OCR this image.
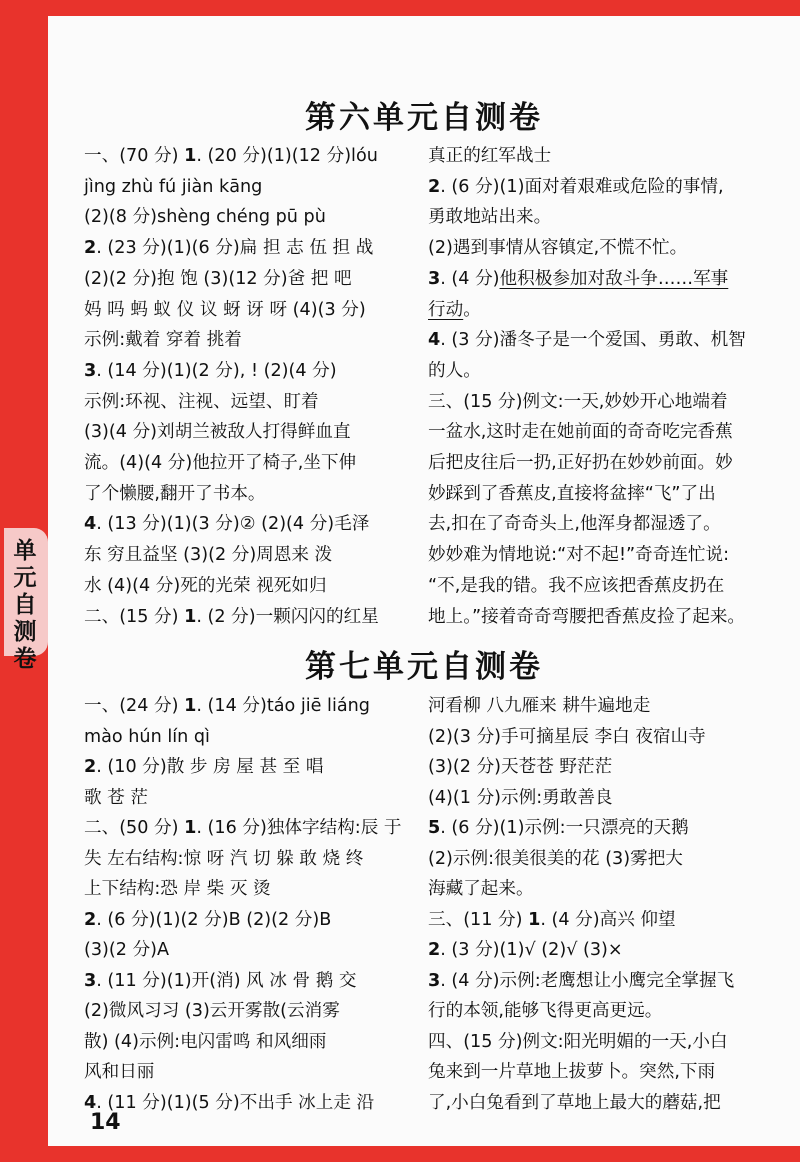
第六单元自测卷
一、(70 分) 1. (20 分)(1)(12 分)lóu
jìng zhù fú jiàn kāng
(2)(8 分)shèng chéng pū pù
2. (23 分)(1)(6 分)扁 担 志 伍 担 战
(2)(2 分)抱 饱 (3)(12 分)爸 把 吧
妈 吗 蚂 蚁 仪 议 蚜 讶 呀 (4)(3 分)
示例:戴着 穿着 挑着
3. (14 分)(1)(2 分), ! (2)(4 分)
示例:环视、注视、远望、盯着
(3)(4 分)刘胡兰被敌人打得鲜血直
流。(4)(4 分)他拉开了椅子,坐下伸
了个懒腰,翻开了书本。
4. (13 分)(1)(3 分)② (2)(4 分)毛泽
东 穷且益坚 (3)(2 分)周恩来 泼
水 (4)(4 分)死的光荣 视死如归
二、(15 分) 1. (2 分)一颗闪闪的红星
真正的红军战士
2. (6 分)(1)面对着艰难或危险的事情,
勇敢地站出来。
(2)遇到事情从容镇定,不慌不忙。
3. (4 分)他积极参加对敌斗争……军事
行动。
4. (3 分)潘冬子是一个爱国、勇敢、机智
的人。
三、(15 分)例文:一天,妙妙开心地端着
一盆水,这时走在她前面的奇奇吃完香蕉
后把皮往后一扔,正好扔在妙妙前面。妙
妙踩到了香蕉皮,直接将盆摔“飞”了出
去,扣在了奇奇头上,他浑身都湿透了。
妙妙难为情地说:“对不起!”奇奇连忙说:
“不,是我的错。我不应该把香蕉皮扔在
地上。”接着奇奇弯腰把香蕉皮捡了起来。
第七单元自测卷
一、(24 分) 1. (14 分)táo jiē liáng
mào hún lín qì
2. (10 分)散 步 房 屋 甚 至 唱
歌 苍 茫
二、(50 分) 1. (16 分)独体字结构:辰 于
失 左右结构:惊 呀 汽 切 躲 敢 烧 终
上下结构:恐 岸 柴 灭 烫
2. (6 分)(1)(2 分)B (2)(2 分)B
(3)(2 分)A
3. (11 分)(1)开(消) 风 冰 骨 鹅 交
(2)微风习习 (3)云开雾散(云消雾
散) (4)示例:电闪雷鸣 和风细雨
风和日丽
4. (11 分)(1)(5 分)不出手 冰上走 沿
河看柳 八九雁来 耕牛遍地走
(2)(3 分)手可摘星辰 李白 夜宿山寺
(3)(2 分)天苍苍 野茫茫
(4)(1 分)示例:勇敢善良
5. (6 分)(1)示例:一只漂亮的天鹅
(2)示例:很美很美的花 (3)雾把大
海藏了起来。
三、(11 分) 1. (4 分)高兴 仰望
2. (3 分)(1)√ (2)√ (3)×
3. (4 分)示例:老鹰想让小鹰完全掌握飞
行的本领,能够飞得更高更远。
四、(15 分)例文:阳光明媚的一天,小白
兔来到一片草地上拔萝卜。突然,下雨
了,小白兔看到了草地上最大的蘑菇,把
单元自测卷
14
